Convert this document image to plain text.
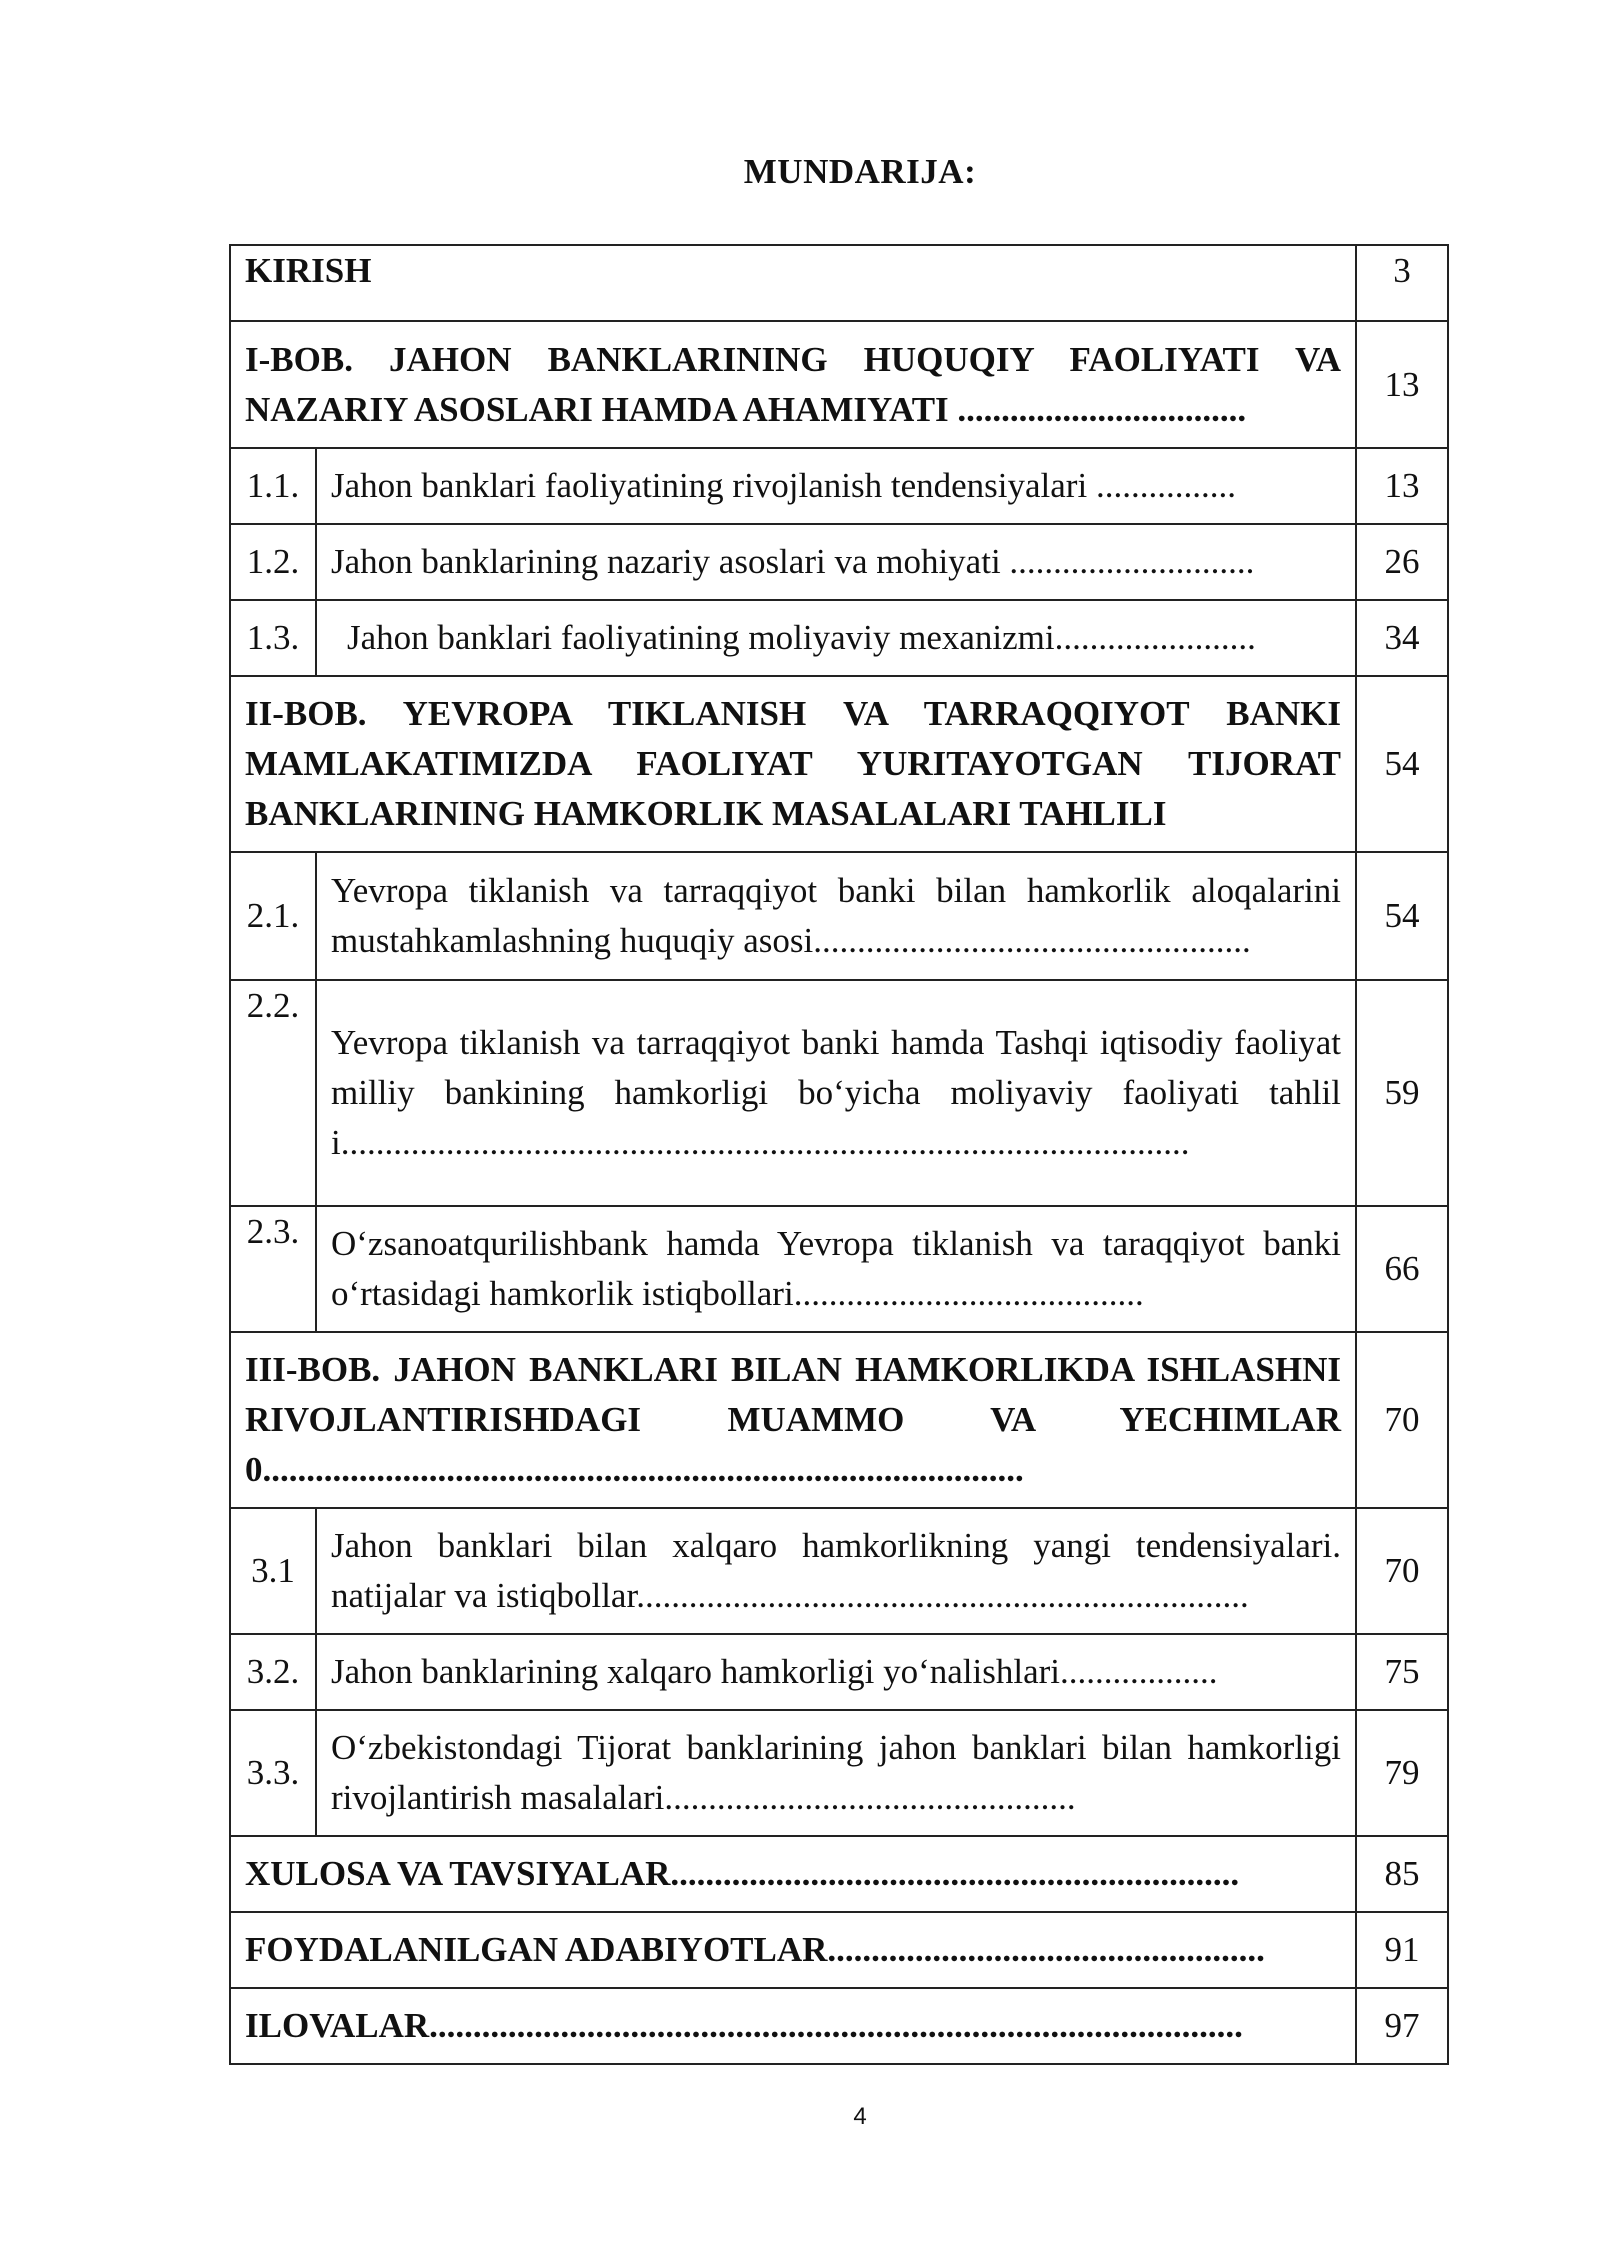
MUNDARIJA:
KIRISH		3
I-BOB. JAHON BANKLARINING HUQUQIY FAOLIYATI VA NAZARIY ASOSLARI HAMDA AHAMIYATI .................................		13
1.1.	Jahon banklari faoliyatining rivojlanish tendensiyalari ................	13
1.2.	Jahon banklarining nazariy asoslari va mohiyati ............................	26
1.3.	Jahon banklari faoliyatining moliyaviy mexanizmi.......................	34
II-BOB. YEVROPA TIKLANISH VA TARRAQQIYOT BANKI MAMLAKATIMIZDA FAOLIYAT YURITAYOTGAN TIJORAT BANKLARINING HAMKORLIK MASALALARI TAHLILI		54
2.1.	Yevropa tiklanish va tarraqqiyot banki bilan hamkorlik aloqalarini mustahkamlashning huquqiy asosi..................................................	54
2.2.	Yevropa tiklanish va tarraqqiyot banki hamda Tashqi iqtisodiy faoliyat milliy bankining hamkorligi bo‘yicha moliyaviy faoliyati tahlili.................................................................................................	59
2.3.	O‘zsanoatqurilishbank hamda Yevropa tiklanish va taraqqiyot banki o‘rtasidagi hamkorlik istiqbollari........................................	66
III-BOB. JAHON BANKLARI BILAN HAMKORLIKDA ISHLASHNI RIVOJLANTIRISHDAGI MUAMMO VA YECHIMLAR0.......................................................................................		70
3.1	Jahon banklari bilan xalqaro hamkorlikning yangi tendensiyalari. natijalar va istiqbollar......................................................................	70
3.2.	Jahon banklarining xalqaro hamkorligi yo‘nalishlari..................	75
3.3.	O‘zbekistondagi Tijorat banklarining jahon banklari bilan hamkorligi rivojlantirish masalalari...............................................	79
XULOSA VA TAVSIYALAR.................................................................		85
FOYDALANILGAN ADABIYOTLAR..................................................		91
ILOVALAR.............................................................................................		97
4
